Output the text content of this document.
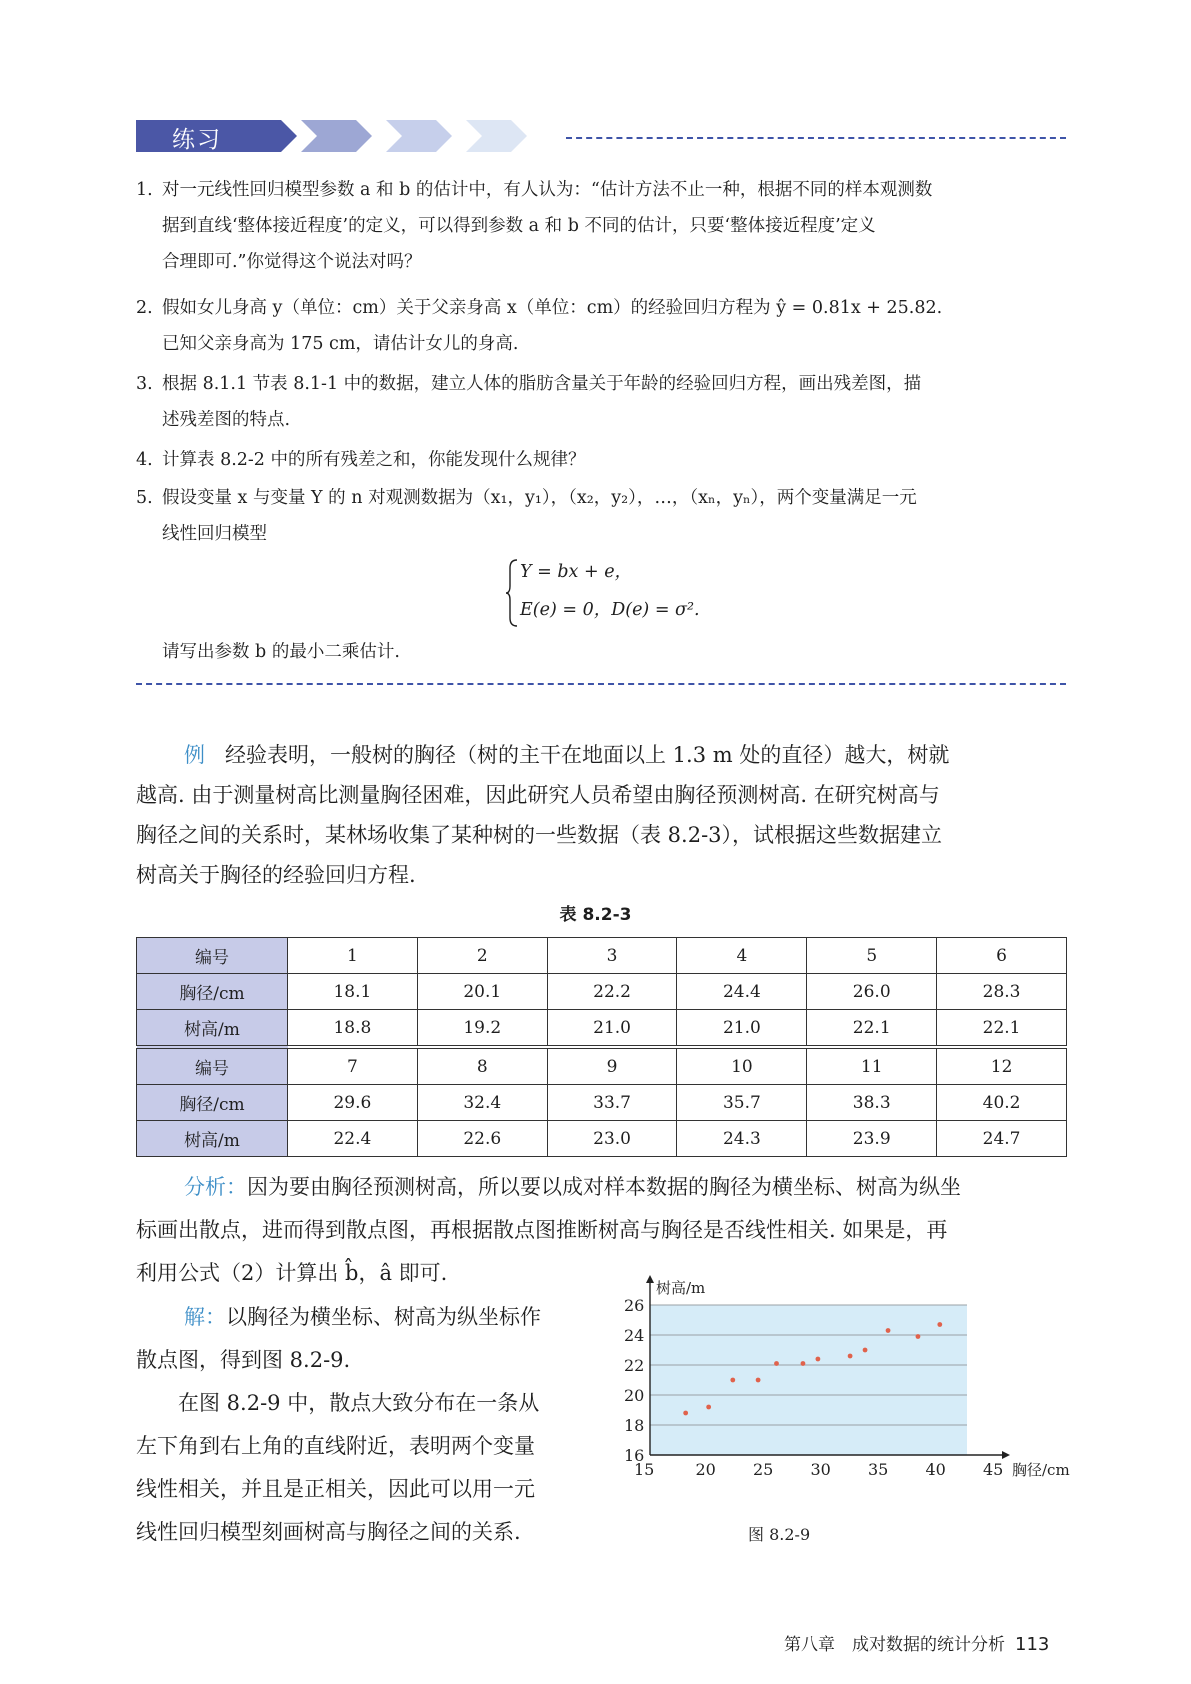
练习
1. 对一元线性回归模型参数 a 和 b 的估计中，有人认为：“估计方法不止一种，根据不同的样本观测数
据到直线‘整体接近程度’的定义，可以得到参数 a 和 b 不同的估计，只要‘整体接近程度’定义
合理即可.”你觉得这个说法对吗？
2. 假如女儿身高 y（单位：cm）关于父亲身高 x（单位：cm）的经验回归方程为 ŷ = 0.81x + 25.82.
已知父亲身高为 175 cm，请估计女儿的身高.
3. 根据 8.1.1 节表 8.1-1 中的数据，建立人体的脂肪含量关于年龄的经验回归方程，画出残差图，描
述残差图的特点.
4. 计算表 8.2-2 中的所有残差之和，你能发现什么规律？
5. 假设变量 x 与变量 Y 的 n 对观测数据为（x₁，y₁），（x₂，y₂），…，（xₙ，yₙ），两个变量满足一元
线性回归模型
Y = bx + e，
E(e) = 0，D(e) = σ².
请写出参数 b 的最小二乘估计.
例 经验表明，一般树的胸径（树的主干在地面以上 1.3 m 处的直径）越大，树就
越高. 由于测量树高比测量胸径困难，因此研究人员希望由胸径预测树高. 在研究树高与
胸径之间的关系时，某林场收集了某种树的一些数据（表 8.2-3），试根据这些数据建立
树高关于胸径的经验回归方程.
表 8.2-3
编号	1	2	3	4	5	6
胸径/cm	18.1	20.1	22.2	24.4	26.0	28.3
树高/m	18.8	19.2	21.0	21.0	22.1	22.1
编号	7	8	9	10	11	12
胸径/cm	29.6	32.4	33.7	35.7	38.3	40.2
树高/m	22.4	22.6	23.0	24.3	23.9	24.7
分析：因为要由胸径预测树高，所以要以成对样本数据的胸径为横坐标、树高为纵坐
标画出散点，进而得到散点图，再根据散点图推断树高与胸径是否线性相关. 如果是，再
利用公式（2）计算出 b̂，â 即可.
解：以胸径为横坐标、树高为纵坐标作
散点图，得到图 8.2-9.
　　在图 8.2-9 中，散点大致分布在一条从
左下角到右上角的直线附近，表明两个变量
线性相关，并且是正相关，因此可以用一元
线性回归模型刻画树高与胸径之间的关系.
15	20 25 30 35 40 45
16
18
20
22
24
26
胸径/cm
树高/m
图 8.2-9
第八章　成对数据的统计分析 113
